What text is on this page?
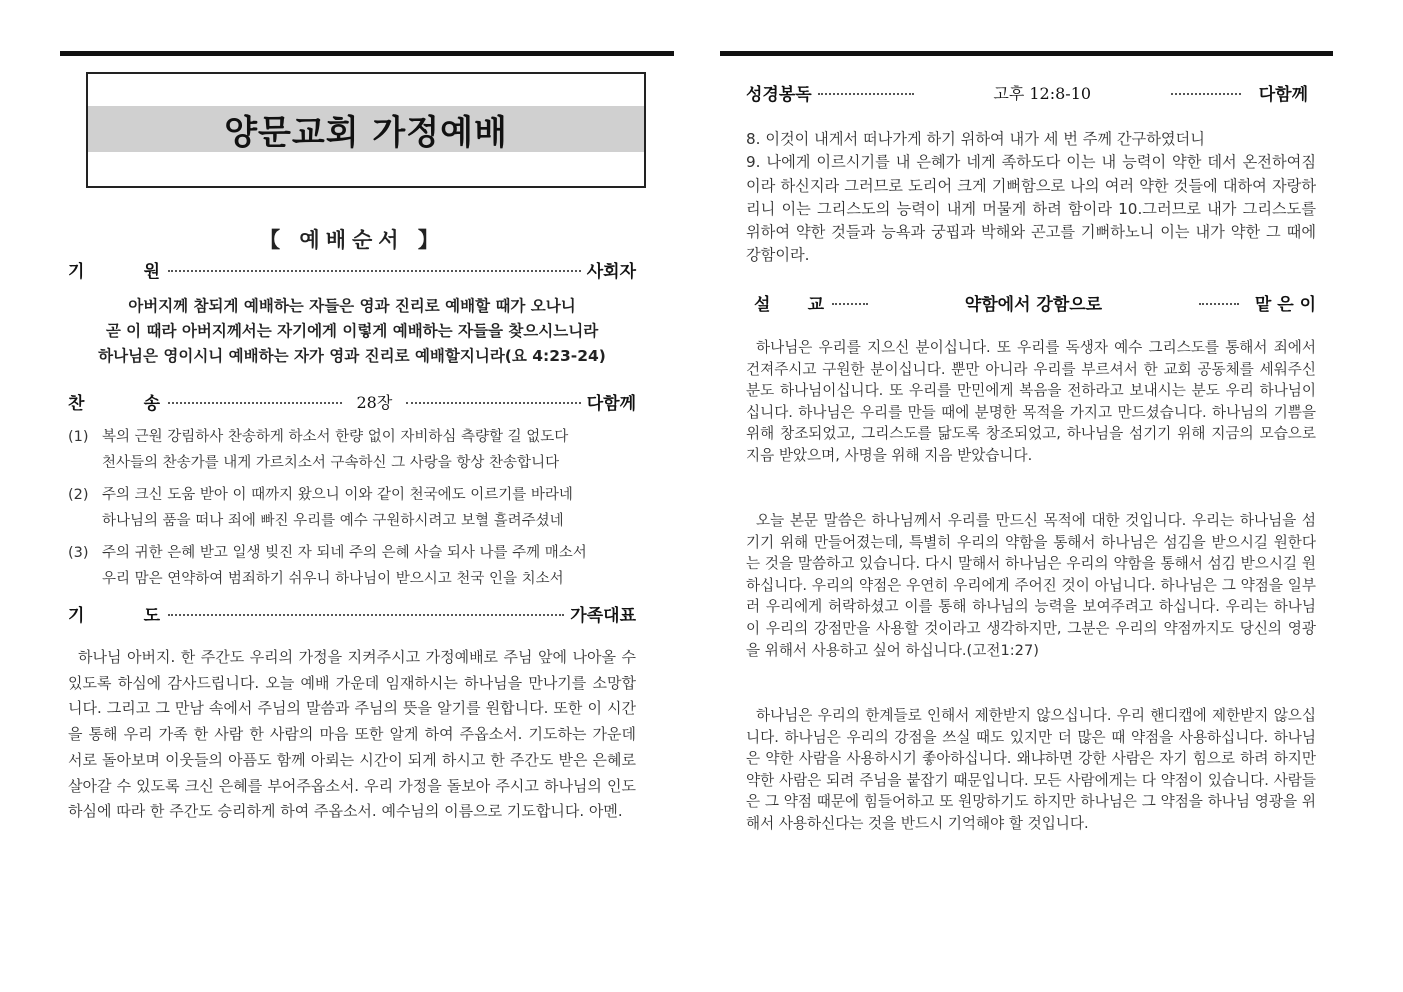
양문교회 가정예배
【 예배순서 】
기	원	사회자
아버지께 참되게 예배하는 자들은 영과 진리로 예배할 때가 오나니
곧 이 때라 아버지께서는 자기에게 이렇게 예배하는 자들을 찾으시느니라
하나님은 영이시니 예배하는 자가 영과 진리로 예배할지니라(요 4:23-24)
찬	송	28장	다함께
(1) 복의 근원 강림하사 찬송하게 하소서 한량 없이 자비하심 측량할 길 없도다
천사들의 찬송가를 내게 가르치소서 구속하신 그 사랑을 항상 찬송합니다
(2) 주의 크신 도움 받아 이 때까지 왔으니 이와 같이 천국에도 이르기를 바라네
하나님의 품을 떠나 죄에 빠진 우리를 예수 구원하시려고 보혈 흘려주셨네
(3) 주의 귀한 은혜 받고 일생 빚진 자 되네 주의 은혜 사슬 되사 나를 주께 매소서
우리 맘은 연약하여 범죄하기 쉬우니 하나님이 받으시고 천국 인을 치소서
기	도	가족대표
하나님 아버지. 한 주간도 우리의 가정을 지켜주시고 가정예배로 주님 앞에 나아올 수 있도록 하심에 감사드립니다. 오늘 예배 가운데 임재하시는 하나님을 만나기를 소망합니다. 그리고 그 만남 속에서 주님의 말씀과 주님의 뜻을 알기를 원합니다. 또한 이 시간을 통해 우리 가족 한 사람 한 사람의 마음 또한 알게 하여 주옵소서. 기도하는 가운데 서로 돌아보며 이웃들의 아픔도 함께 아뢰는 시간이 되게 하시고 한 주간도 받은 은혜로 살아갈 수 있도록 크신 은혜를 부어주옵소서. 우리 가정을 돌보아 주시고 하나님의 인도하심에 따라 한 주간도 승리하게 하여 주옵소서. 예수님의 이름으로 기도합니다. 아멘.
성경봉독	고후 12:8-10	다함께
8. 이것이 내게서 떠나가게 하기 위하여 내가 세 번 주께 간구하였더니
9. 나에게 이르시기를 내 은혜가 네게 족하도다 이는 내 능력이 약한 데서 온전하여짐이라 하신지라 그러므로 도리어 크게 기뻐함으로 나의 여러 약한 것들에 대하여 자랑하리니 이는 그리스도의 능력이 내게 머물게 하려 함이라 10.그러므로 내가 그리스도를 위하여 약한 것들과 능욕과 궁핍과 박해와 곤고를 기뻐하노니 이는 내가 약한 그 때에 강함이라.
설 교	약함에서 강함으로	맡 은 이
하나님은 우리를 지으신 분이십니다. 또 우리를 독생자 예수 그리스도를 통해서 죄에서 건져주시고 구원한 분이십니다. 뿐만 아니라 우리를 부르셔서 한 교회 공동체를 세워주신 분도 하나님이십니다. 또 우리를 만민에게 복음을 전하라고 보내시는 분도 우리 하나님이십니다. 하나님은 우리를 만들 때에 분명한 목적을 가지고 만드셨습니다. 하나님의 기쁨을 위해 창조되었고, 그리스도를 닮도록 창조되었고, 하나님을 섬기기 위해 지금의 모습으로 지음 받았으며, 사명을 위해 지음 받았습니다.
오늘 본문 말씀은 하나님께서 우리를 만드신 목적에 대한 것입니다. 우리는 하나님을 섬기기 위해 만들어졌는데, 특별히 우리의 약함을 통해서 하나님은 섬김을 받으시길 원한다는 것을 말씀하고 있습니다. 다시 말해서 하나님은 우리의 약함을 통해서 섬김 받으시길 원하십니다. 우리의 약점은 우연히 우리에게 주어진 것이 아닙니다. 하나님은 그 약점을 일부러 우리에게 허락하셨고 이를 통해 하나님의 능력을 보여주려고 하십니다. 우리는 하나님이 우리의 강점만을 사용할 것이라고 생각하지만, 그분은 우리의 약점까지도 당신의 영광을 위해서 사용하고 싶어 하십니다.(고전1:27)
하나님은 우리의 한계들로 인해서 제한받지 않으십니다. 우리 핸디캡에 제한받지 않으십니다. 하나님은 우리의 강점을 쓰실 때도 있지만 더 많은 때 약점을 사용하십니다. 하나님은 약한 사람을 사용하시기 좋아하십니다. 왜냐하면 강한 사람은 자기 힘으로 하려 하지만 약한 사람은 되려 주님을 붙잡기 때문입니다. 모든 사람에게는 다 약점이 있습니다. 사람들은 그 약점 때문에 힘들어하고 또 원망하기도 하지만 하나님은 그 약점을 하나님 영광을 위해서 사용하신다는 것을 반드시 기억해야 할 것입니다.
